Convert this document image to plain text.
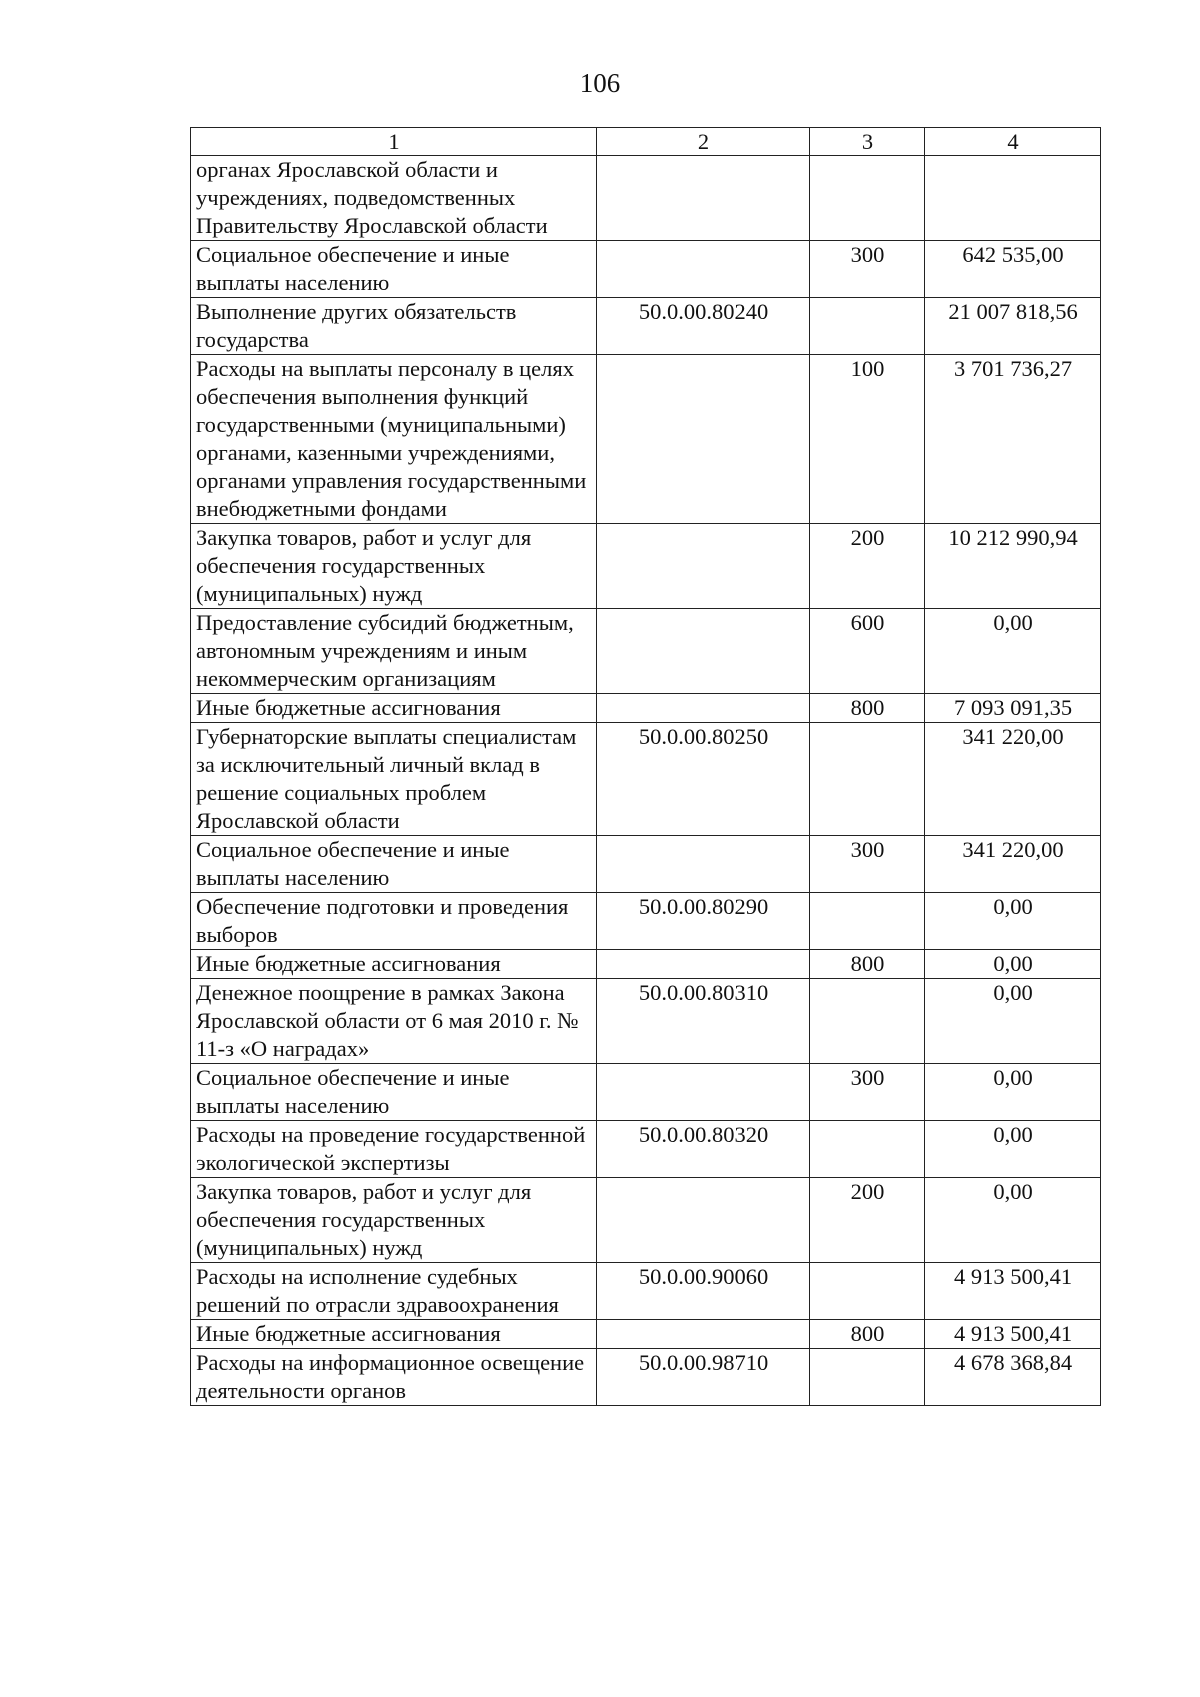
106
1	2	3	4
органах Ярославской области и учреждениях, подведомственных Правительству Ярославской области			
Социальное обеспечение и иные выплаты населению		300	642 535,00
Выполнение других обязательств государства	50.0.00.80240		21 007 818,56
Расходы на выплаты персоналу в целях обеспечения выполнения функций государственными (муниципальными) органами, казенными учреждениями, органами управления государственными внебюджетными фондами		100	3 701 736,27
Закупка товаров, работ и услуг для обеспечения государственных (муниципальных) нужд		200	10 212 990,94
Предоставление субсидий бюджетным, автономным учреждениям и иным некоммерческим организациям		600	0,00
Иные бюджетные ассигнования		800	7 093 091,35
Губернаторские выплаты специалистам за исключительный личный вклад в решение социальных проблем Ярославской области	50.0.00.80250		341 220,00
Социальное обеспечение и иные выплаты населению		300	341 220,00
Обеспечение подготовки и проведения выборов	50.0.00.80290		0,00
Иные бюджетные ассигнования		800	0,00
Денежное поощрение в рамках Закона Ярославской области от 6 мая 2010 г. № 11-з «О наградах»	50.0.00.80310		0,00
Социальное обеспечение и иные выплаты населению		300	0,00
Расходы на проведение государственной экологической экспертизы	50.0.00.80320		0,00
Закупка товаров, работ и услуг для обеспечения государственных (муниципальных) нужд		200	0,00
Расходы на исполнение судебных решений по отрасли здравоохранения	50.0.00.90060		4 913 500,41
Иные бюджетные ассигнования		800	4 913 500,41
Расходы на информационное освещение деятельности органов	50.0.00.98710		4 678 368,84
